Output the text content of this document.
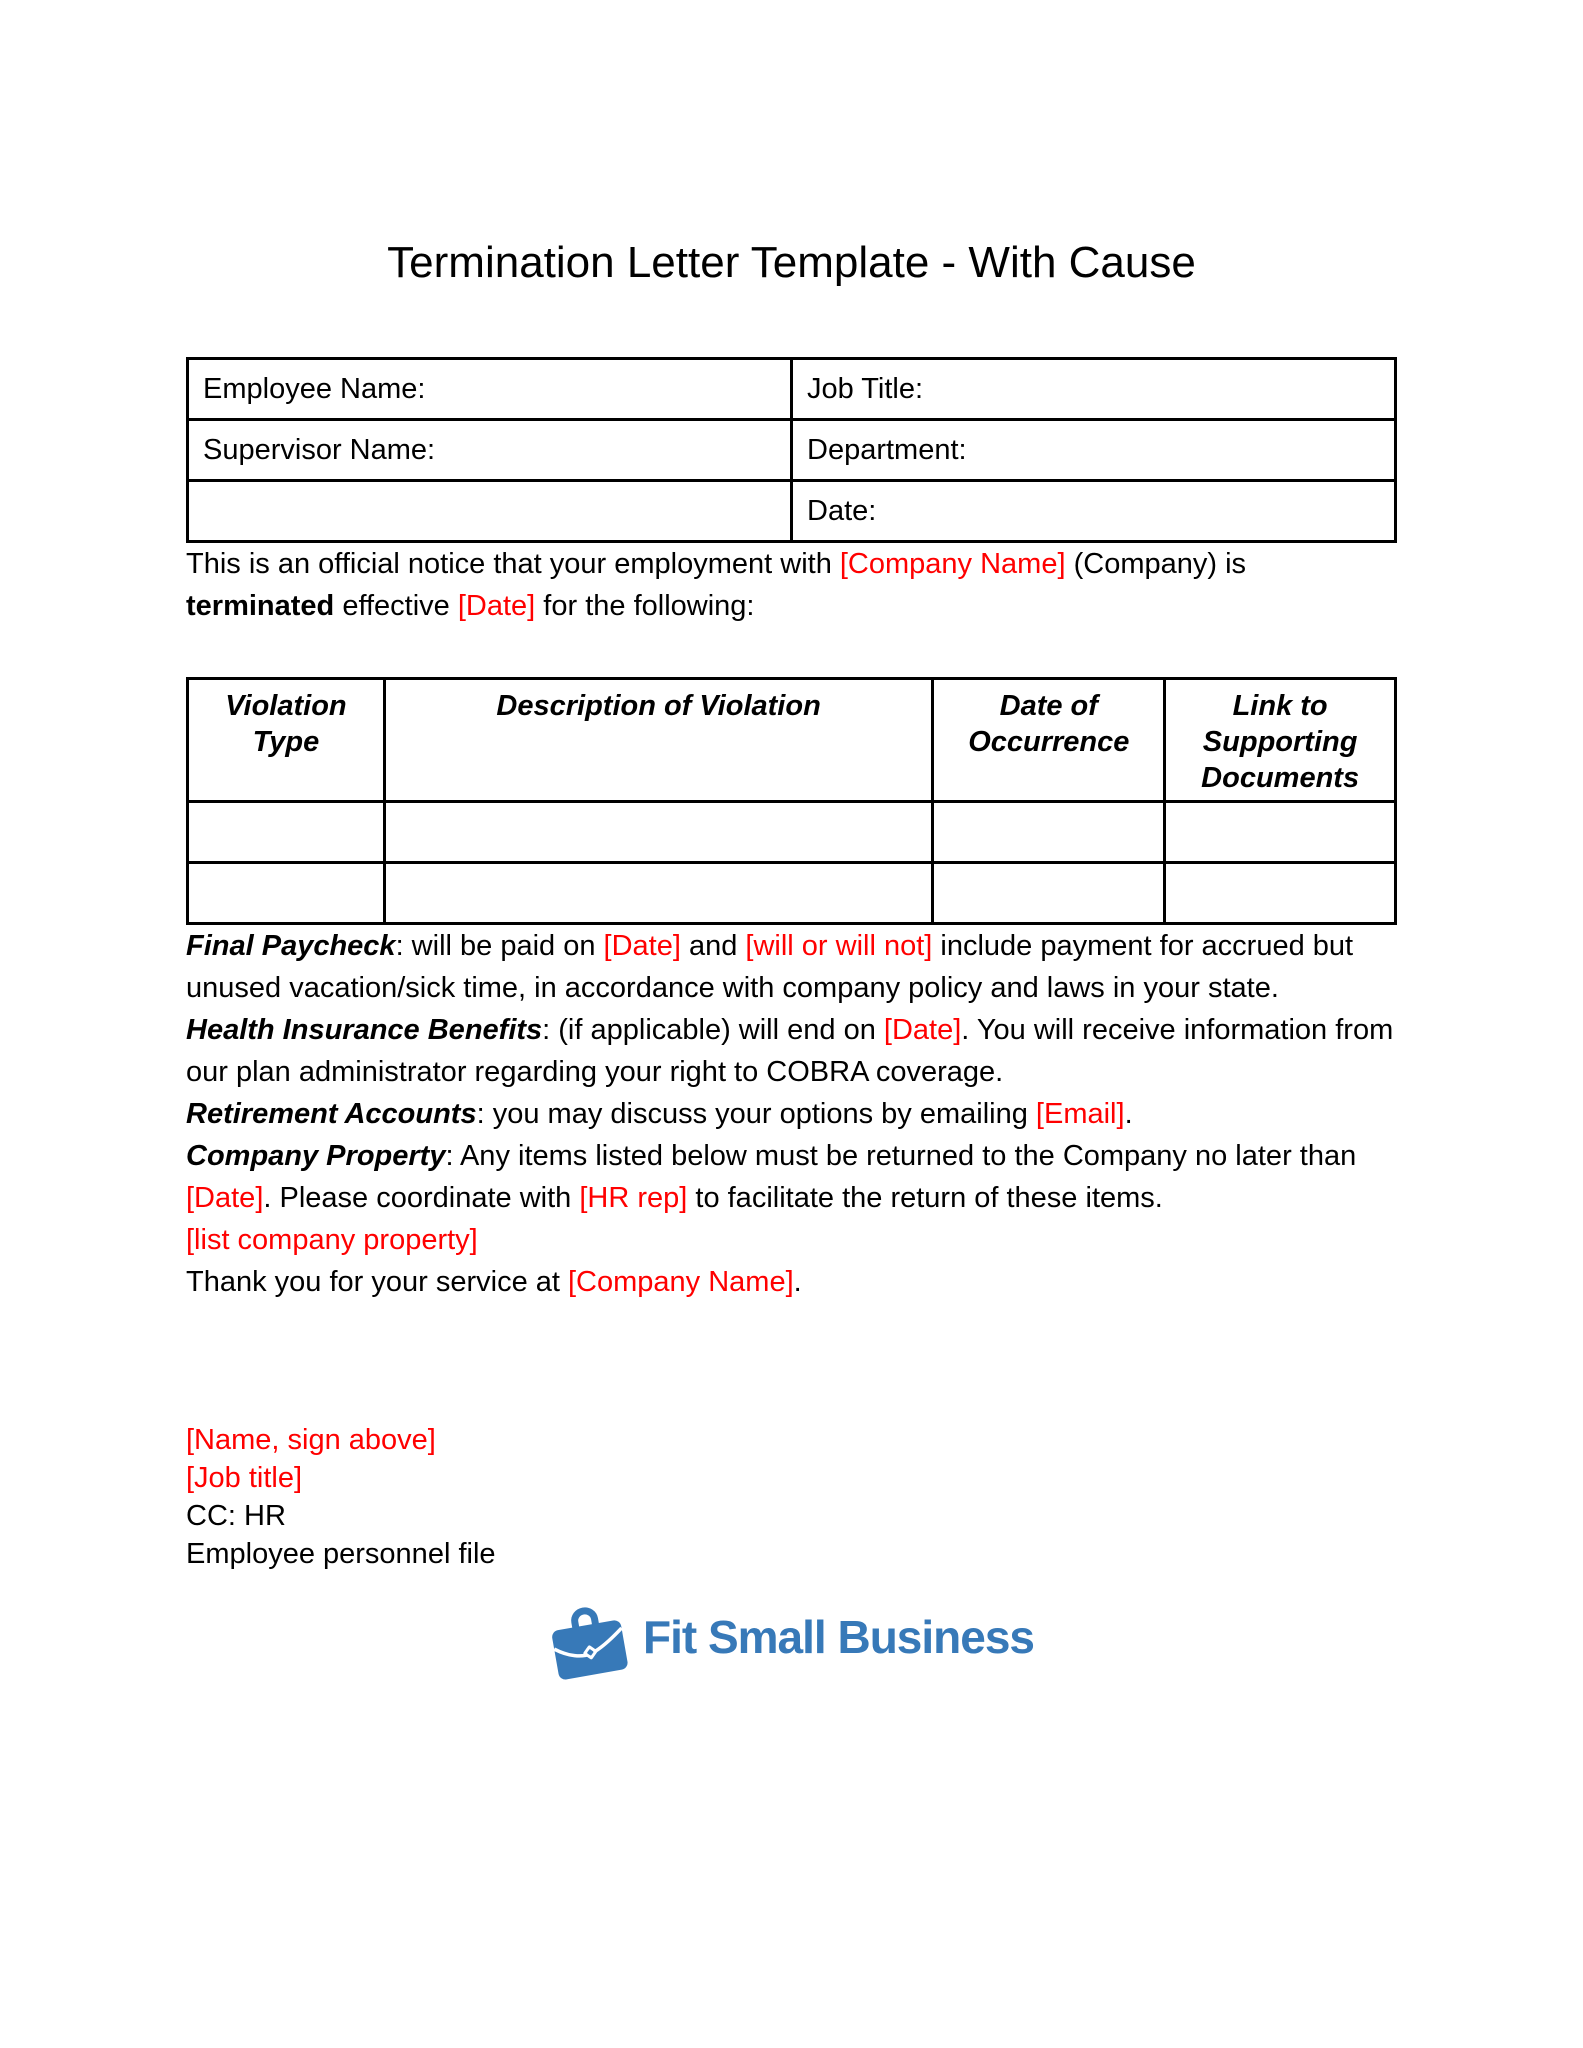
Termination Letter Template - With Cause
Employee Name:	Job Title:
Supervisor Name:	Department:
	Date:

This is an official notice that your employment with [Company Name] (Company) is terminated effective [Date] for the following:

Violation Type	Description of Violation	Date of Occurrence	Link to Supporting Documents

Final Paycheck: will be paid on [Date] and [will or will not] include payment for accrued but unused vacation/sick time, in accordance with company policy and laws in your state.

Health Insurance Benefits: (if applicable) will end on [Date]. You will receive information from our plan administrator regarding your right to COBRA coverage.

Retirement Accounts: you may discuss your options by emailing [Email].

Company Property: Any items listed below must be returned to the Company no later than [Date]. Please coordinate with [HR rep] to facilitate the return of these items.

[list company property]

Thank you for your service at [Company Name].

[Name, sign above]
[Job title]
CC: HR
Employee personnel file
Fit Small Business
